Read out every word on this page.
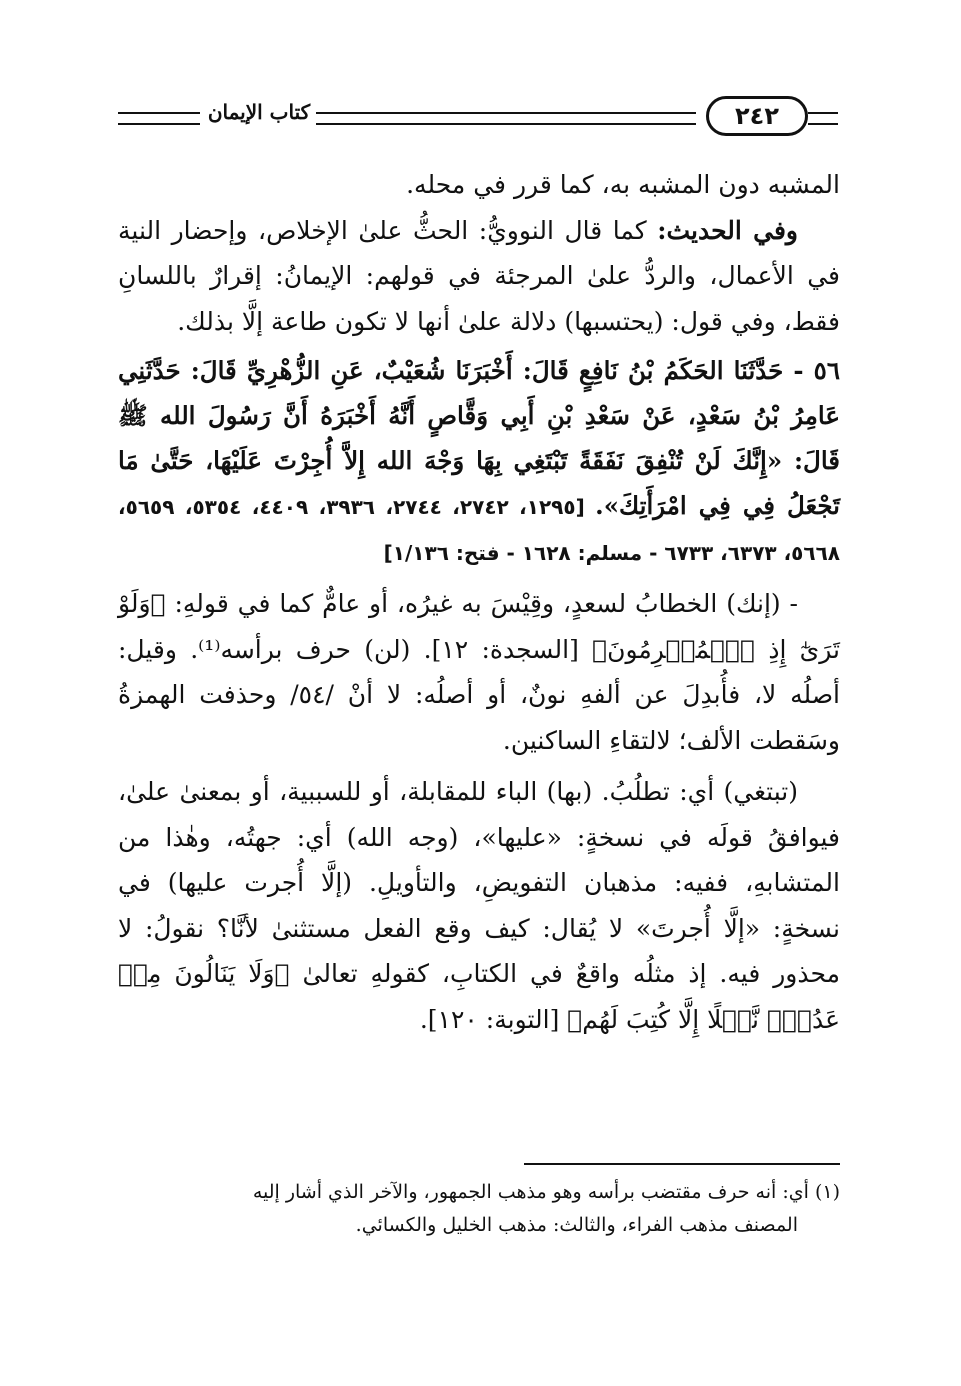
كتاب الإيمان	٢٤٢

المشبه دون المشبه به، كما قرر في محله.

وفي الحديث: كما قال النوويُّ: الحثُّ علىٰ الإخلاص، وإحضار النية في الأعمال، والردُّ علىٰ المرجئة في قولهم: الإيمانُ: إقرارٌ باللسانِ فقط، وفي قول: (يحتسبها) دلالة علىٰ أنها لا تكون طاعة إلَّا بذلك.

٥٦ - حَدَّثَنَا الحَكَمُ بْنُ نَافِعٍ قَالَ: أَخْبَرَنَا شُعَيْبٌ، عَنِ الزُّهْرِيِّ قَالَ: حَدَّثَنِي عَامِرُ بْنُ سَعْدٍ، عَنْ سَعْدِ بْنِ أَبِي وَقَّاصٍ أَنَّهُ أَخْبَرَهُ أَنَّ رَسُولَ الله ﷺ قَالَ: «إِنَّكَ لَنْ تُنْفِقَ نَفَقَةً تَبْتَغِي بِهَا وَجْهَ الله إِلاَّ أُجِرْتَ عَلَيْهَا، حَتَّىٰ مَا تَجْعَلُ فِي فِي امْرَأَتِكَ». [١٢٩٥، ٢٧٤٢، ٢٧٤٤، ٣٩٣٦، ٤٤٠٩، ٥٣٥٤، ٥٦٥٩، ٥٦٦٨، ٦٣٧٣، ٦٧٣٣ - مسلم: ١٦٢٨ - فتح: ١/١٣٦]

- (إنك) الخطابُ لسعدٍ، وقِيْسَ به غيرُه، أو عامٌّ كما في قولهِ: ﴿وَلَوْ تَرَىٰٓ إِذِ ٱلۡمُجۡرِمُونَ﴾ [السجدة: ١٢]. (لن) حرف برأسه⁽¹⁾. وقيل: أصلُه لا، فأُبدِلَ عن ألفهِ نونٌ، أو أصلُه: لا أنْ /٥٤/ وحذفت الهمزةُ وسَقطت الألف؛ لالتقاءِ الساكنين.

(تبتغي) أي: تطلُبُ. (بها) الباء للمقابلة، أو للسببية، أو بمعنىٰ علىٰ، فيوافقُ قولَه في نسخةٍ: «عليها»، (وجه الله) أي: جهتُه، وهٰذا من المتشابهِ، ففيه: مذهبان التفويضِ، والتأويلِ. (إلَّا أُجرت عليها) في نسخةٍ: «إلَّا أُجرتَ» لا يُقال: كيف وقع الفعل مستثنىٰ لأنَّا؟ نقولُ: لا محذور فيه. إذ مثلُه واقعٌ في الكتابِ، كقولهِ تعالىٰ ﴿وَلَا يَنَالُونَ مِنۡ عَدُوّٖ نَّيۡلًا إِلَّا كُتِبَ لَهُم﴾ [التوبة: ١٢٠].

(١) أي: أنه حرف مقتضب برأسه وهو مذهب الجمهور، والآخر الذي أشار إليه

المصنف مذهب الفراء، والثالث: مذهب الخليل والكسائي.
